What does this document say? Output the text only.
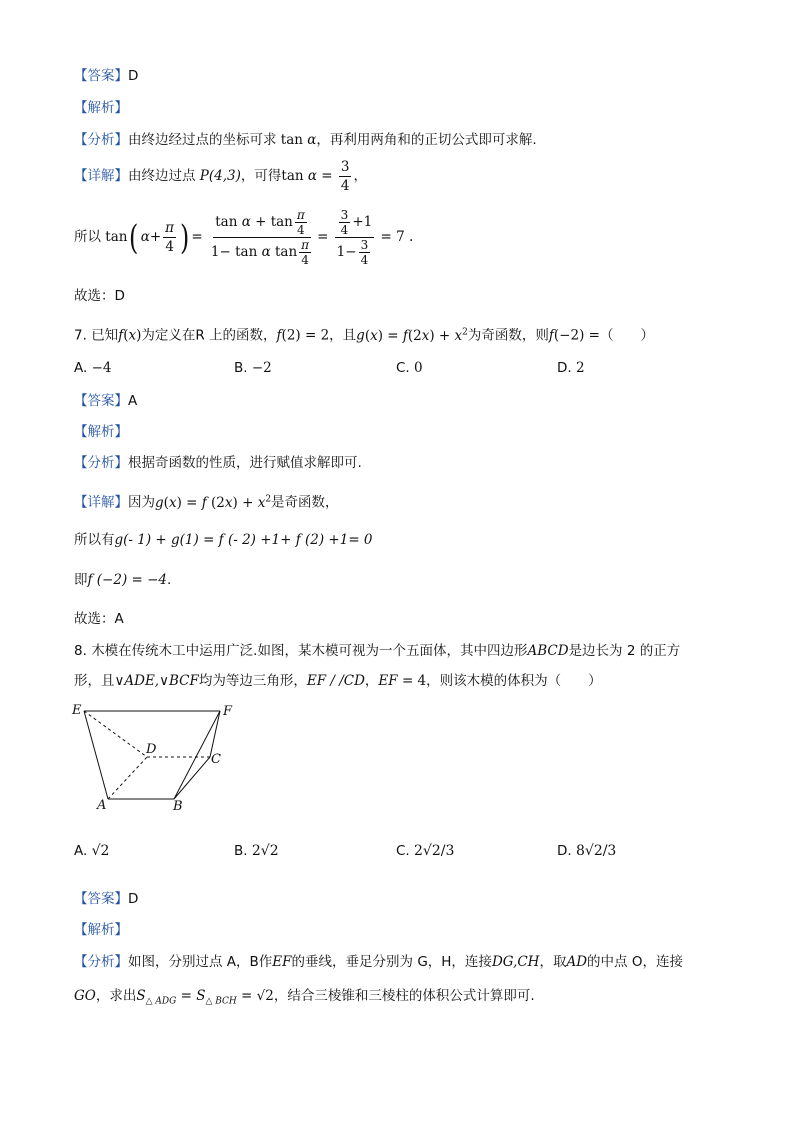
【答案】D
【解析】
【分析】由终边经过点的坐标可求 tan α，再利用两角和的正切公式即可求解.
【详解】由终边过点 P(4,3)，可得$\tan \alpha = \frac{3}{4}$ ，
所以 tan( $\alpha+ \frac{\pi}{4}$ ) = $\frac{\tan \alpha + \tan \frac{\pi}{4}}{1- \tan \alpha \tan \frac{\pi}{4}} = \frac{\frac{3}{4} +1}{1- \frac{3}{4}} = 7$ .
故选：D
7. 已知f(x)为定义在R 上的函数，f(2) = 2，且$g(x) = f(2x) + x^2$为奇函数，则f(−2) =（　　）
A. −4	B. −2	C. 0	D. 2
【答案】A
【解析】
【分析】根据奇函数的性质，进行赋值求解即可.
【详解】因为g(x) = f $(2x) + x^2$是奇函数，
所以有g(- 1) + g(1) = f (- 2) +1+ f (2) +1= 0
即f (−2) = −4.
故选：A
8. 木模在传统木工中运用广泛.如图，某木模可视为一个五面体，其中四边形ABCD是边长为 2 的正方
形，且∨ADE,∨BCF均为等边三角形，EF / /CD，EF = 4，则该木模的体积为（　　）
E	F
D
C
A	B
A. √2	B. 2√2	C. 2√2/3	D. 8√2/3
【答案】D
【解析】
【分析】如图，分别过点 A，B作EF的垂线，垂足分别为 G，H，连接DG,CH，取AD的中点 O，连接
GO，求出$S_{\triangle ADG} = S_{\triangle BCH} = √2$，结合三棱锥和三棱柱的体积公式计算即可.
